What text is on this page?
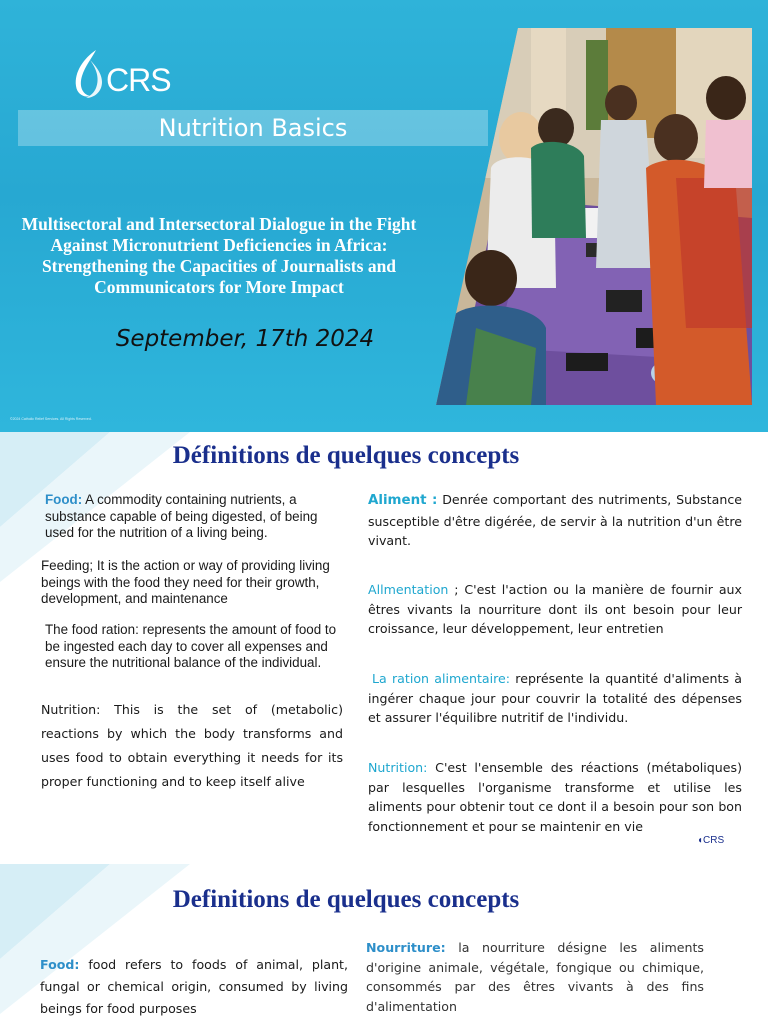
CRS
Nutrition Basics
Multisectoral and Intersectoral Dialogue in the Fight Against Micronutrient Deficiencies in Africa: Strengthening the Capacities of Journalists and Communicators for More Impact
September, 17th 2024
©2024 Catholic Relief Services. All Rights Reserved.
Définitions de quelques concepts

Food: A commodity containing nutrients, a substance capable of being digested, of being used for the nutrition of a living being.

Feeding; It is the action or way of providing living beings with the food they need for their growth, development, and maintenance

The food ration: represents the amount of food to be ingested each day to cover all expenses and ensure the nutritional balance of the individual.

Nutrition: This is the set of (metabolic) reactions by which the body transforms and uses food to obtain everything it needs for its proper functioning and to keep itself alive

Aliment : Denrée comportant des nutriments, Substance susceptible d'être digérée, de servir à la nutrition d'un être vivant.

Allmentation ; C'est l'action ou la manière de fournir aux êtres vivants la nourriture dont ils ont besoin pour leur croissance, leur développement, leur entretien

La ration alimentaire: représente la quantité d'aliments à ingérer chaque jour pour couvrir la totalité des dépenses et assurer l'équilibre nutritif de l'individu.

Nutrition: C'est l'ensemble des réactions (métaboliques) par lesquelles l'organisme transforme et utilise les aliments pour obtenir tout ce dont il a besoin pour son bon fonctionnement et pour se maintenir en vie

◖CRS
Definitions de quelques concepts

Food: food refers to foods of animal, plant, fungal or chemical origin, consumed by living beings for food purposes

Nourriture: la nourriture désigne les aliments d'origine animale, végétale, fongique ou chimique, consommés par des êtres vivants à des fins d'alimentation
